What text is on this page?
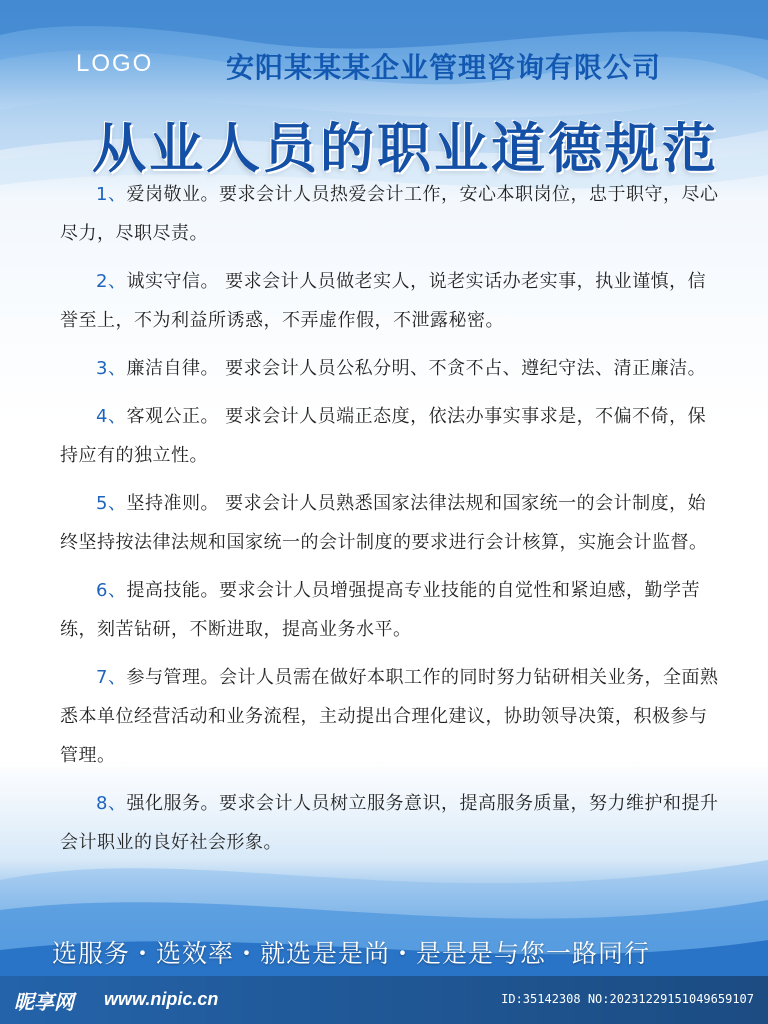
LOGO	安阳某某某企业管理咨询有限公司
从业人员的职业道德规范

1、爱岗敬业。要求会计人员热爱会计工作，安心本职岗位，忠于职守，尽心尽力，尽职尽责。

2、诚实守信。 要求会计人员做老实人，说老实话办老实事，执业谨慎，信誉至上，不为利益所诱惑，不弄虚作假，不泄露秘密。

3、廉洁自律。 要求会计人员公私分明、不贪不占、遵纪守法、清正廉洁。

4、客观公正。 要求会计人员端正态度，依法办事实事求是，不偏不倚，保持应有的独立性。

5、坚持准则。 要求会计人员熟悉国家法律法规和国家统一的会计制度，始终坚持按法律法规和国家统一的会计制度的要求进行会计核算，实施会计监督。

6、提高技能。要求会计人员增强提高专业技能的自觉性和紧迫感，勤学苦练，刻苦钻研，不断进取，提高业务水平。

7、参与管理。会计人员需在做好本职工作的同时努力钻研相关业务，全面熟悉本单位经营活动和业务流程，主动提出合理化建议，协助领导决策，积极参与管理。

8、强化服务。要求会计人员树立服务意识，提高服务质量，努力维护和提升会计职业的良好社会形象。

选服务・选效率・就选是是尚・是是是与您一路同行
昵享网 www.nipic.cn	ID:35142308 NO:20231229151049659107
